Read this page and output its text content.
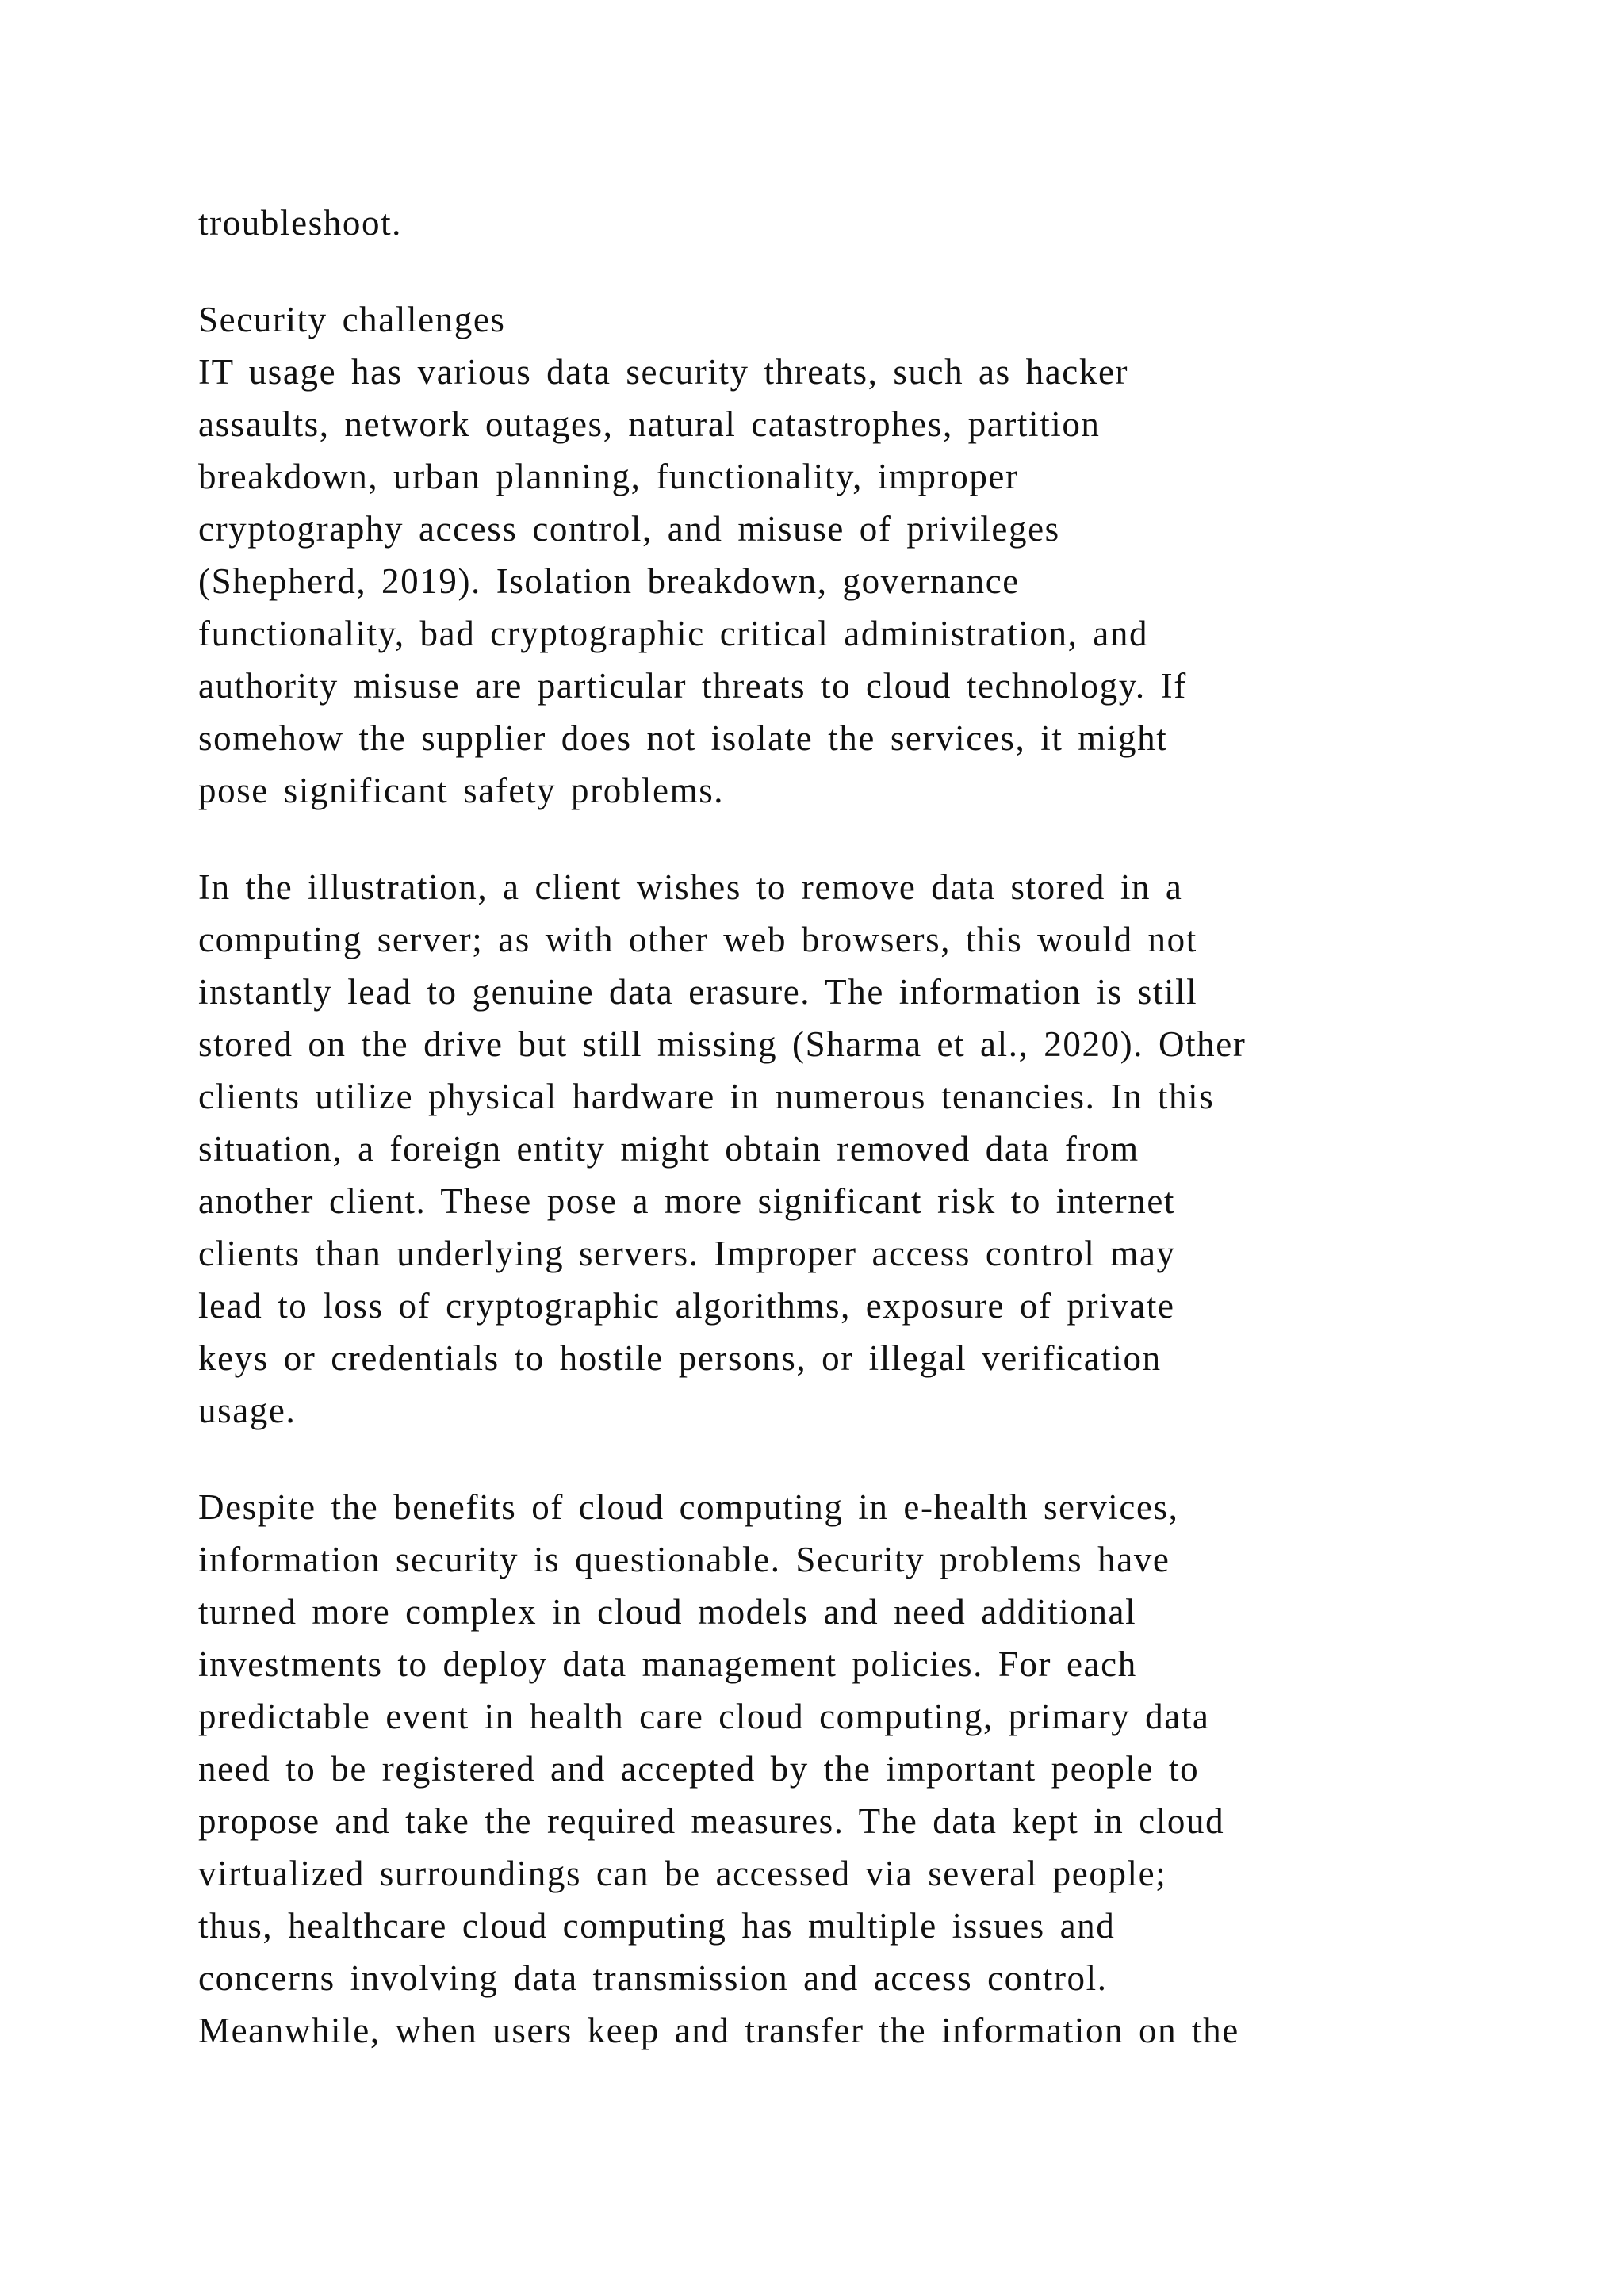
troubleshoot.
Security challenges
IT usage has various data security threats, such as hacker
assaults, network outages, natural catastrophes, partition
breakdown, urban planning, functionality, improper
cryptography access control, and misuse of privileges
(Shepherd, 2019). Isolation breakdown, governance
functionality, bad cryptographic critical administration, and
authority misuse are particular threats to cloud technology. If
somehow the supplier does not isolate the services, it might
pose significant safety problems.
In the illustration, a client wishes to remove data stored in a
computing server; as with other web browsers, this would not
instantly lead to genuine data erasure. The information is still
stored on the drive but still missing (Sharma et al., 2020). Other
clients utilize physical hardware in numerous tenancies. In this
situation, a foreign entity might obtain removed data from
another client. These pose a more significant risk to internet
clients than underlying servers. Improper access control may
lead to loss of cryptographic algorithms, exposure of private
keys or credentials to hostile persons, or illegal verification
usage.
Despite the benefits of cloud computing in e-health services,
information security is questionable. Security problems have
turned more complex in cloud models and need additional
investments to deploy data management policies. For each
predictable event in health care cloud computing, primary data
need to be registered and accepted by the important people to
propose and take the required measures. The data kept in cloud
virtualized surroundings can be accessed via several people;
thus, healthcare cloud computing has multiple issues and
concerns involving data transmission and access control.
Meanwhile, when users keep and transfer the information on the
